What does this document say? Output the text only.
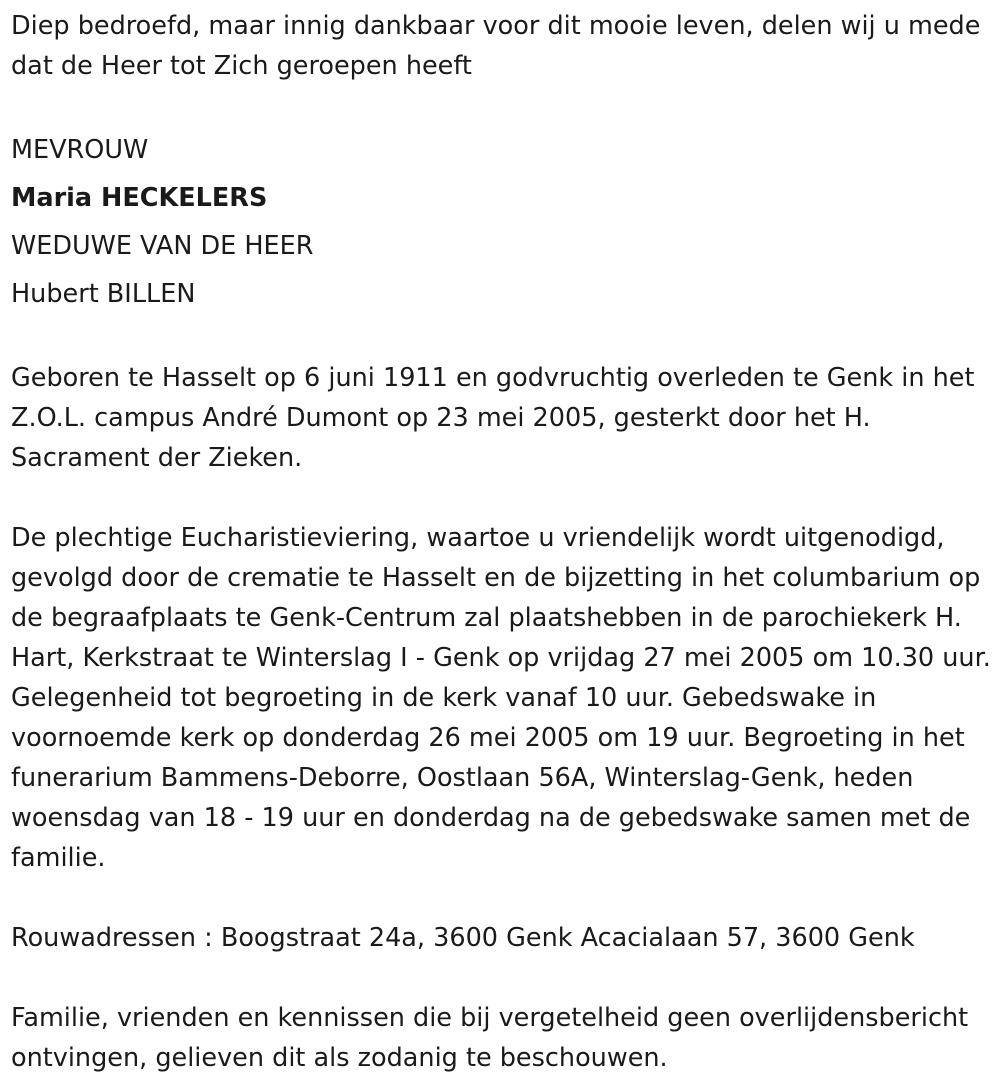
Diep bedroefd, maar innig dankbaar voor dit mooie leven, delen wij u mede dat de Heer tot Zich geroepen heeft

MEVROUW
Maria HECKELERS
WEDUWE VAN DE HEER
Hubert BILLEN

Geboren te Hasselt op 6 juni 1911 en godvruchtig overleden te Genk in het Z.O.L. campus André Dumont op 23 mei 2005, gesterkt door het H. Sacrament der Zieken.

De plechtige Eucharistieviering, waartoe u vriendelijk wordt uitgenodigd, gevolgd door de crematie te Hasselt en de bijzetting in het columbarium op de begraafplaats te Genk-Centrum zal plaatshebben in de parochiekerk H. Hart, Kerkstraat te Winterslag I - Genk op vrijdag 27 mei 2005 om 10.30 uur. Gelegenheid tot begroeting in de kerk vanaf 10 uur. Gebedswake in voornoemde kerk op donderdag 26 mei 2005 om 19 uur. Begroeting in het funerarium Bammens-Deborre, Oostlaan 56A, Winterslag-Genk, heden woensdag van 18 - 19 uur en donderdag na de gebedswake samen met de familie.

Rouwadressen : Boogstraat 24a, 3600 Genk Acacialaan 57, 3600 Genk

Familie, vrienden en kennissen die bij vergetelheid geen overlijdensbericht ontvingen, gelieven dit als zodanig te beschouwen.
